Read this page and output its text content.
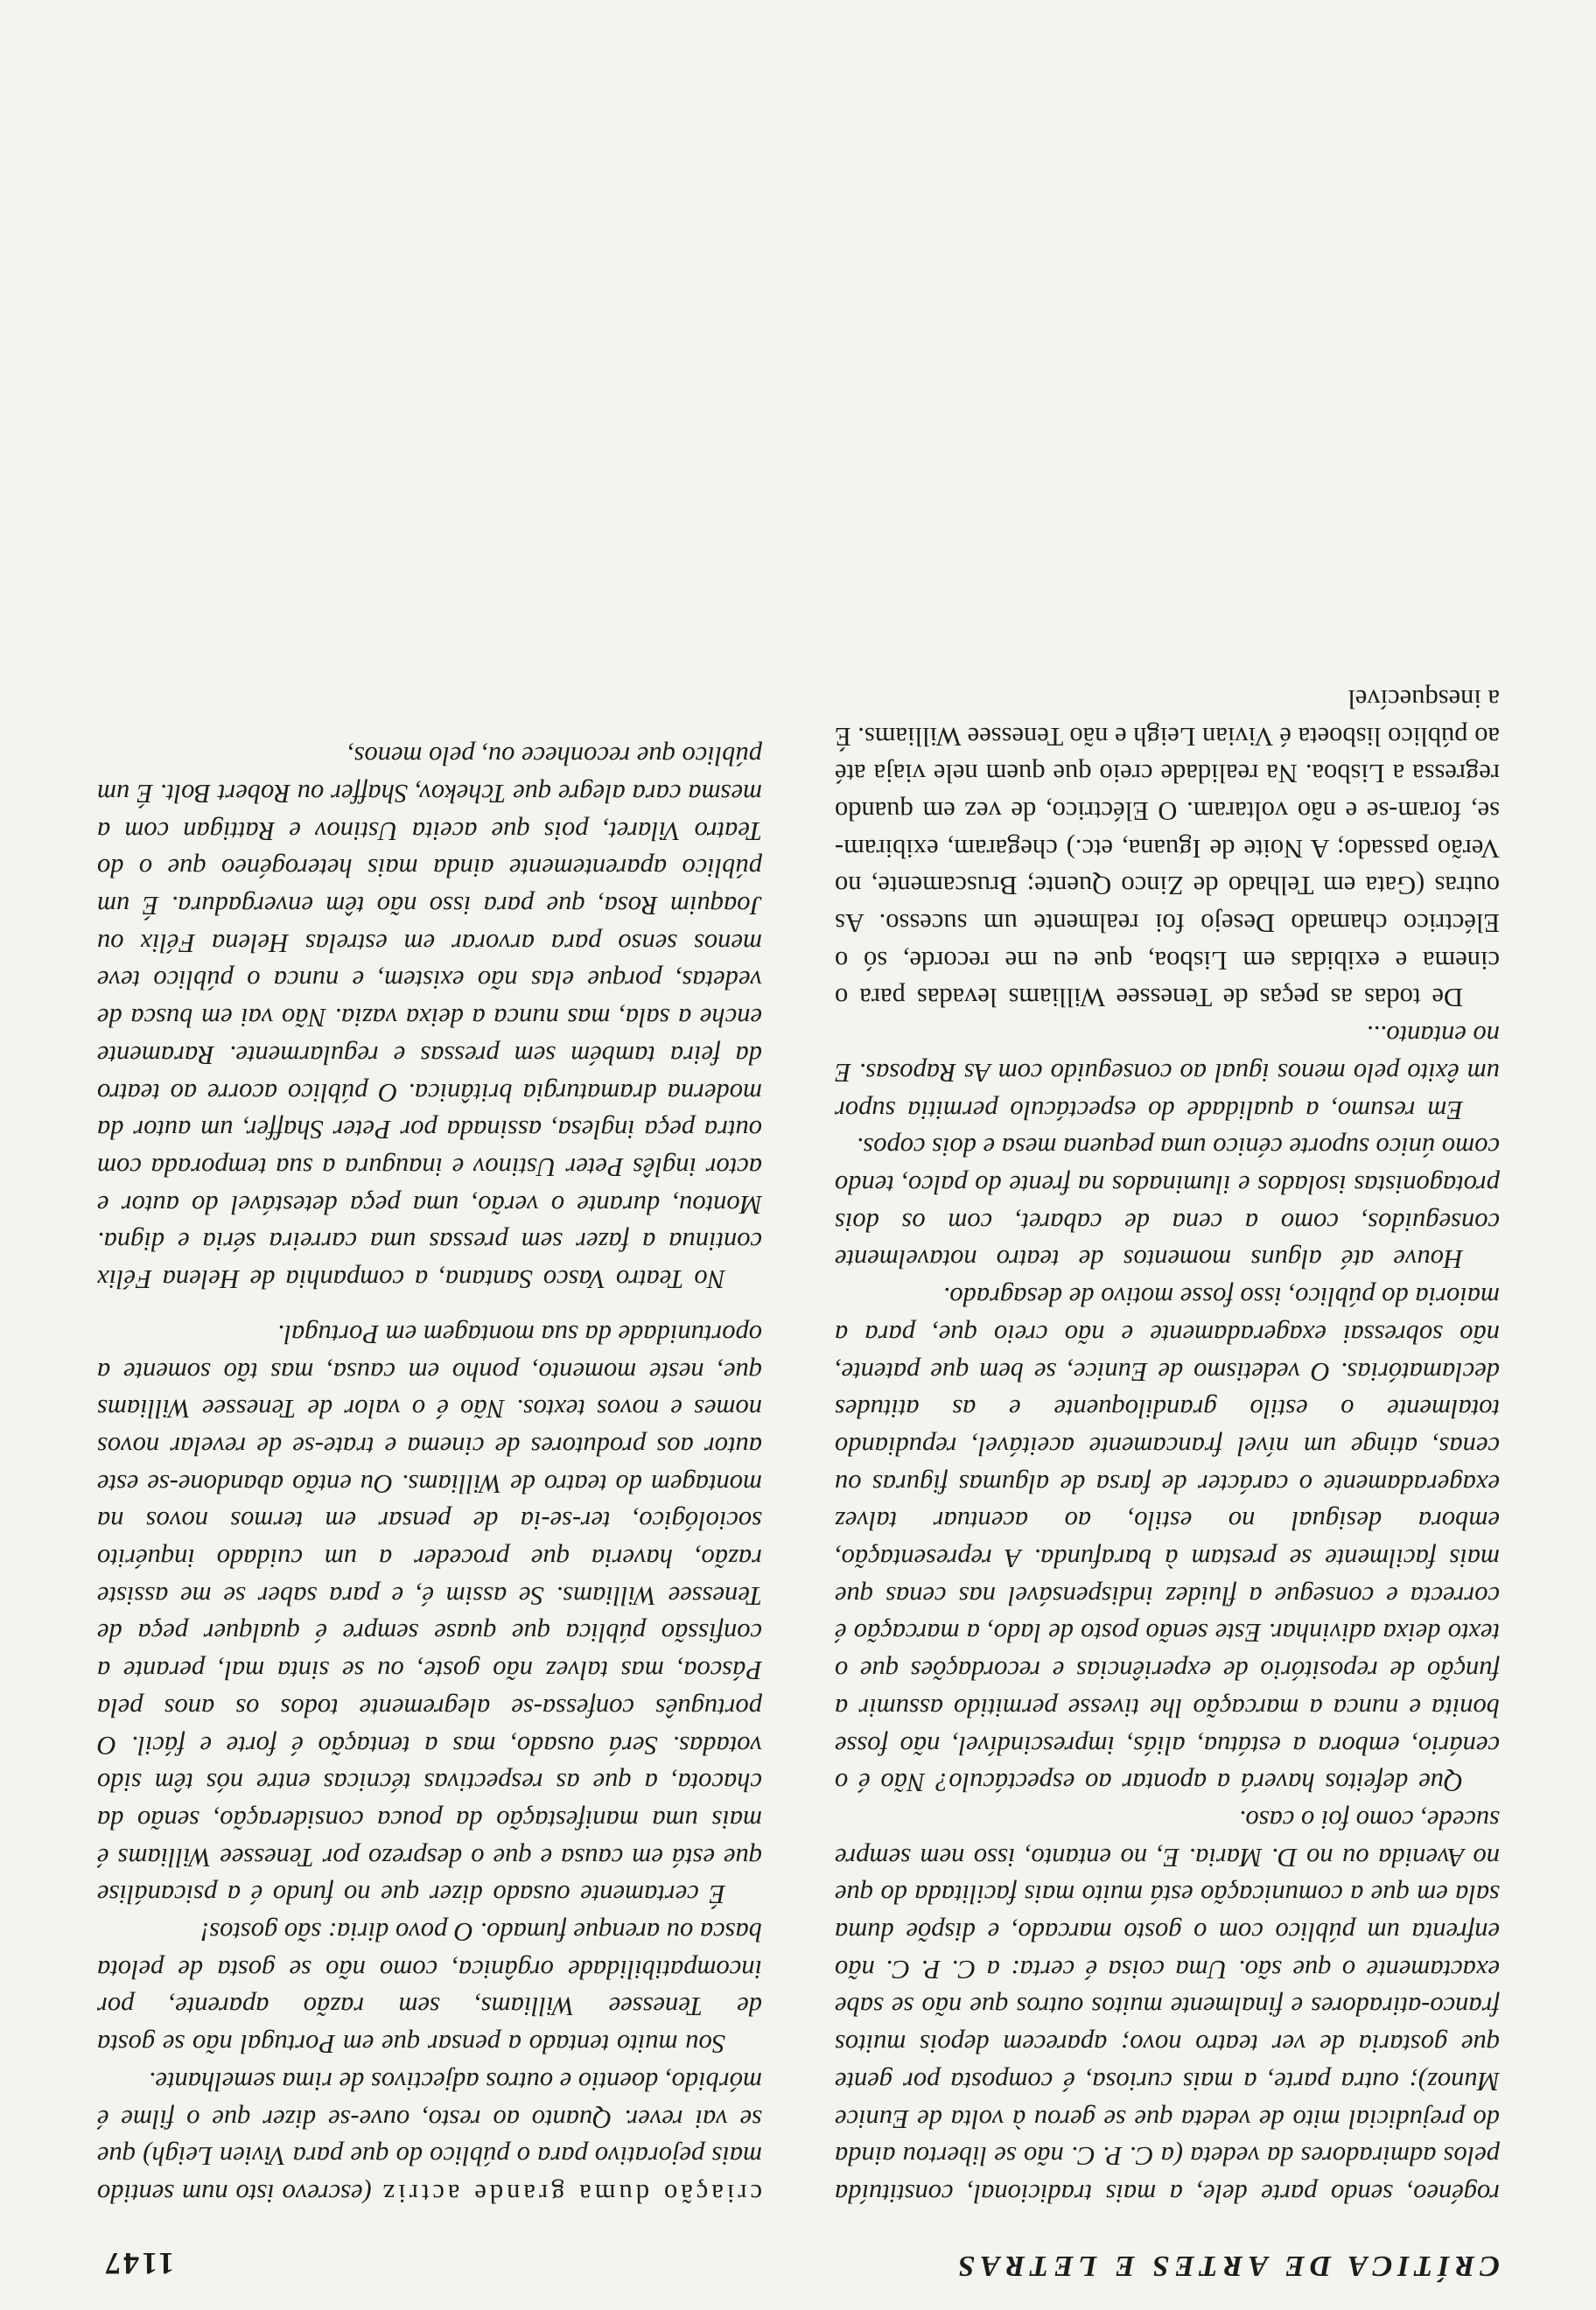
CRÍTICA DE ARTES E LETRAS
1147

rogéneo, sendo parte dele, a mais tradicional, constituída pelos admiradores da vedeta (a C. P. C. não se libertou ainda do prejudicial mito de vedeta que se gerou à volta de Eunice Munoz); outra parte, a mais curiosa, é composta por gente que gostaria de ver teatro novo; aparecem depois muitos franco-atiradores e finalmente muitos outros que não se sabe exactamente o que são. Uma coisa é certa: a C. P. C. não enfrenta um público com o gosto marcado, e dispõe duma sala em que a comunicação está muito mais facilitada do que no Avenida ou no D. Maria. E, no entanto, isso nem sempre sucede, como foi o caso.

Que defeitos haverá a apontar ao espectáculo? Não é o cenário, embora a estátua, aliás, imprescindível, não fosse bonita e nunca a marcação lhe tivesse permitido assumir a função de repositório de experiências e recordações que o texto deixa adivinhar. Este senão posto de lado, a marcação é correcta e consegue a fluidez indispensável nas cenas que mais facilmente se prestam à barafunda. A representação, embora desigual no estilo, ao acentuar talvez exageradamente o carácter de farsa de algumas figuras ou cenas, atinge um nível francamente aceitável, repudiando totalmente o estilo grandiloquente e as atitudes declamatórias. O vedetismo de Eunice, se bem que patente, não sobressai exageradamente e não creio que, para a maioria do público, isso fosse motivo de desagrado.

Houve até alguns momentos de teatro notavelmente conseguidos, como a cena de cabaret, com os dois protagonistas isolados e iluminados na frente do palco, tendo como único suporte cénico uma pequena mesa e dois copos.

Em resumo, a qualidade do espectáculo permitia supor um êxito pelo menos igual ao conseguido com As Raposas. E no entanto...

De todas as peças de Tenessee Williams levadas para o cinema e exibidas em Lisboa, que eu me recorde, só o Eléctrico chamado Desejo foi realmente um sucesso. As outras (Gata em Telhado de Zinco Quente; Bruscamente, no Verão passado; A Noite de Iguana, etc.) chegaram, exibiram-se, foram-se e não voltaram. O Eléctrico, de vez em quando regressa a Lisboa. Na realidade creio que quem nele viaja até ao público lisboeta é Vivian Leigh e não Tenessee Williams. É a inesquecível

criação duma grande actriz (escrevo isto num sentido mais pejorativo para o público do que para Vivien Leigh) que se vai rever. Quanto ao resto, ouve-se dizer que o filme é mórbido, doentio e outros adjectivos de rima semelhante.

Sou muito tentado a pensar que em Portugal não se gosta de Tenessee Williams, sem razão aparente, por incompatibilidade orgânica, como não se gosta de pelota basca ou arenque fumado. O povo diria: são gostos!

É certamente ousado dizer que no fundo é a psicanálise que está em causa e que o desprezo por Tenessee Williams é mais uma manifestação da pouca consideração, senão da chacota, a que as respectivas técnicas entre nós têm sido votadas. Será ousado, mas a tentação é forte e fácil. O português confessa-se alegremente todos os anos pela Páscoa, mas talvez não goste, ou se sinta mal, perante a confissão pública que quase sempre é qualquer peça de Tenessee Williams. Se assim é, e para saber se me assiste razão, haveria que proceder a um cuidado inquérito sociológico, ter-se-ia de pensar em termos novos na montagem do teatro de Williams. Ou então abandone-se este autor aos produtores de cinema e trate-se de revelar novos nomes e novos textos. Não é o valor de Tenessee Williams que, neste momento, ponho em causa, mas tão somente a oportunidade da sua montagem em Portugal.

No Teatro Vasco Santana, a companhia de Helena Félix continua a fazer sem pressas uma carreira séria e digna. Montou, durante o verão, uma peça detestável do autor e actor inglês Peter Ustinov e inaugura a sua temporada com outra peça inglesa, assinada por Peter Shaffer, um autor da moderna dramaturgia britânica. O público acorre ao teatro da feira também sem pressas e regularmente. Raramente enche a sala, mas nunca a deixa vazia. Não vai em busca de vedetas, porque elas não existem, e nunca o público teve menos senso para arvorar em estrelas Helena Félix ou Joaquim Rosa, que para isso não têm envergadura. É um público aparentemente ainda mais heterogéneo que o do Teatro Vilaret, pois que aceita Ustinov e Rattigan com a mesma cara alegre que Tchekov, Shaffer ou Robert Bolt. É um público que reconhece ou, pelo menos,
